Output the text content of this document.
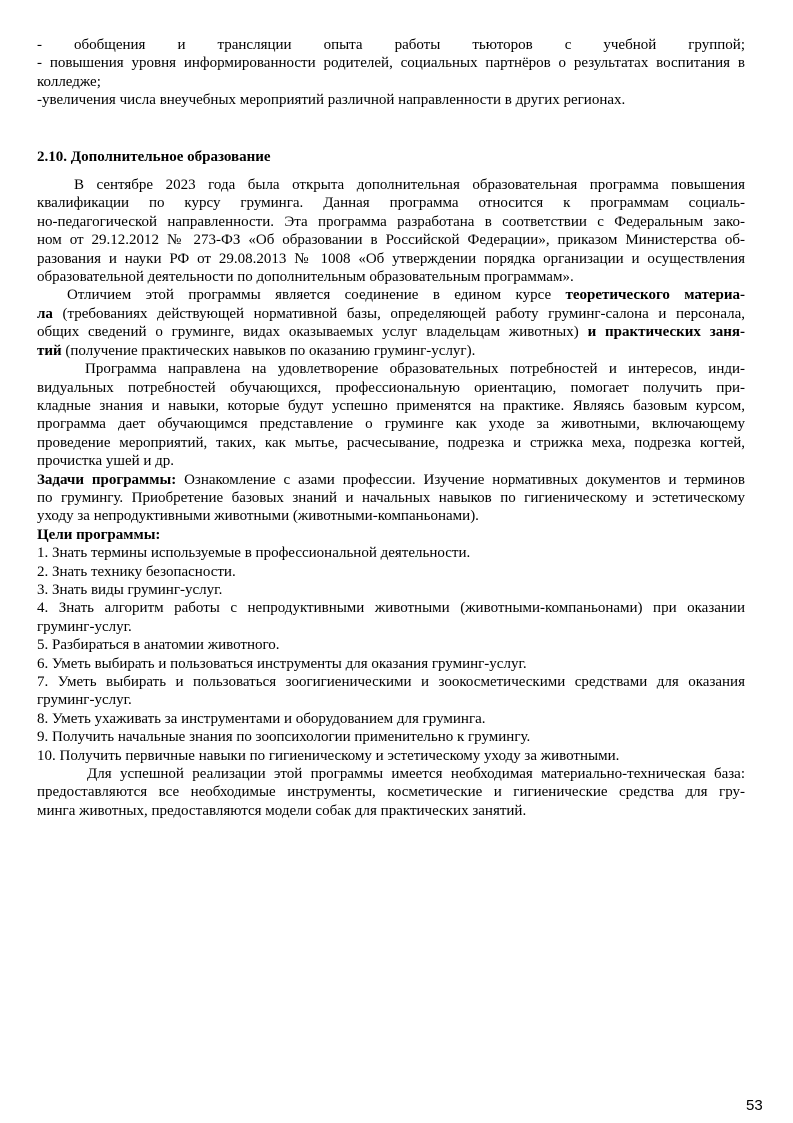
- обобщения и трансляции опыта работы тьюторов с учебной группой;
- повышения уровня информированности родителей, социальных партнёров о результатах воспитания в
колледже;
-увеличения числа внеучебных мероприятий различной направленности в других регионах.
2.10. Дополнительное образование
В сентябре 2023 года была открыта дополнительная образовательная программа повышения
квалификации по курсу груминга. Данная программа относится к программам социаль-
но-педагогической направленности. Эта программа разработана в соответствии с Федеральным зако-
ном от 29.12.2012 № 273-ФЗ «Об образовании в Российской Федерации», приказом Министерства об-
разования и науки РФ от 29.08.2013 № 1008 «Об утверждении порядка организации и осуществления
образовательной деятельности по дополнительным образовательным программам».
Отличием этой программы является соединение в едином курсе теоретического материа-
ла (требованиях действующей нормативной базы, определяющей работу груминг-салона и персонала,
общих сведений о груминге, видах оказываемых услуг владельцам животных) и практических заня-
тий (получение практических навыков по оказанию груминг-услуг).
Программа направлена на удовлетворение образовательных потребностей и интересов, инди-
видуальных потребностей обучающихся, профессиональную ориентацию, помогает получить при-
кладные знания и навыки, которые будут успешно применятся на практике. Являясь базовым курсом,
программа дает обучающимся представление о груминге как уходе за животными, включающему
проведение мероприятий, таких, как мытье, расчесывание, подрезка и стрижка меха, подрезка когтей,
прочистка ушей и др.
Задачи программы: Ознакомление с азами профессии. Изучение нормативных документов и терминов
по грумингу. Приобретение базовых знаний и начальных навыков по гигиеническому и эстетическому
уходу за непродуктивными животными (животными-компаньонами).
Цели программы:
1. Знать термины используемые в профессиональной деятельности.
2. Знать технику безопасности.
3. Знать виды груминг-услуг.
4. Знать алгоритм работы с непродуктивными животными (животными-компаньонами) при оказании
груминг-услуг.
5. Разбираться в анатомии животного.
6. Уметь выбирать и пользоваться инструменты для оказания груминг-услуг.
7. Уметь выбирать и пользоваться зоогигиеническими и зоокосметическими средствами для оказания
груминг-услуг.
8. Уметь ухаживать за инструментами и оборудованием для груминга.
9. Получить начальные знания по зоопсихологии применительно к грумингу.
10. Получить первичные навыки по гигиеническому и эстетическому уходу за животными.
Для успешной реализации этой программы имеется необходимая материально-техническая база:
предоставляются все необходимые инструменты, косметические и гигиенические средства для гру-
минга животных, предоставляются модели собак для практических занятий.
53
